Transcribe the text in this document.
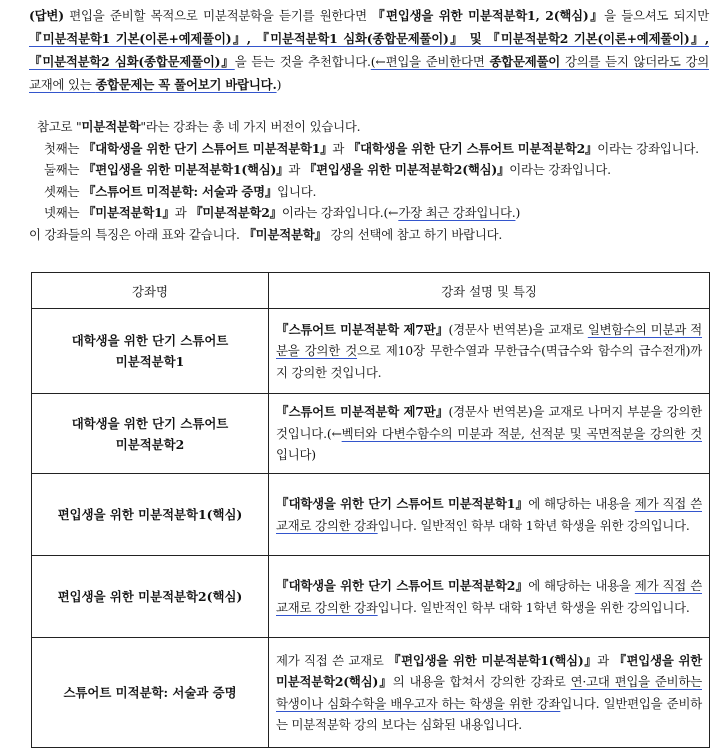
(답변) 편입을 준비할 목적으로 미분적분학을 듣기를 원한다면 『편입생을 위한 미분적분학1, 2(핵심)』을 들으셔도 되지만 『미분적분학1 기본(이론+예제풀이)』, 『미분적분학1 심화(종합문제풀이)』 및 『미분적분학2 기본(이론+예제풀이)』, 『미분적분학2 심화(종합문제풀이)』을 듣는 것을 추천합니다.(←편입을 준비한다면 종합문제풀이 강의를 듣지 않더라도 강의 교재에 있는 종합문제는 꼭 풀어보기 바랍니다.)
참고로 "미분적분학"라는 강좌는 총 네 가지 버전이 있습니다.
첫째는 『대학생을 위한 단기 스튜어트 미분적분학1』과 『대학생을 위한 단기 스튜어트 미분적분학2』이라는 강좌입니다.
둘째는 『편입생을 위한 미분적분학1(핵심)』과 『편입생을 위한 미분적분학2(핵심)』이라는 강좌입니다.
셋째는 『스튜어트 미적분학: 서술과 증명』입니다.
넷째는 『미분적분학1』과 『미분적분학2』이라는 강좌입니다.(←가장 최근 강좌입니다.)
이 강좌들의 특징은 아래 표와 같습니다. 『미분적분학』 강의 선택에 참고 하기 바랍니다.
강좌명	강좌 설명 및 특징
대학생을 위한 단기 스튜어트
미분적분학1	『스튜어트 미분적분학 제7판』(경문사 번역본)을 교재로 일변함수의 미분과 적분을 강의한 것으로 제10장 무한수열과 무한급수(멱급수와 함수의 급수전개)까지 강의한 것입니다.
대학생을 위한 단기 스튜어트
미분적분학2	『스튜어트 미분적분학 제7판』(경문사 번역본)을 교재로 나머지 부분을 강의한 것입니다.(←벡터와 다변수함수의 미분과 적분, 선적분 및 곡면적분을 강의한 것입니다)
편입생을 위한 미분적분학1(핵심)	『대학생을 위한 단기 스튜어트 미분적분학1』에 해당하는 내용을 제가 직접 쓴 교재로 강의한 강좌입니다. 일반적인 학부 대학 1학년 학생을 위한 강의입니다.
편입생을 위한 미분적분학2(핵심)	『대학생을 위한 단기 스튜어트 미분적분학2』에 해당하는 내용을 제가 직접 쓴 교재로 강의한 강좌입니다. 일반적인 학부 대학 1학년 학생을 위한 강의입니다.
스튜어트 미적분학: 서술과 증명	제가 직접 쓴 교재로 『편입생을 위한 미분적분학1(핵심)』과 『편입생을 위한 미분적분학2(핵심)』의 내용을 합쳐서 강의한 강좌로 연·고대 편입을 준비하는 학생이나 심화수학을 배우고자 하는 학생을 위한 강좌입니다. 일반편입을 준비하는 미분적분학 강의 보다는 심화된 내용입니다.
